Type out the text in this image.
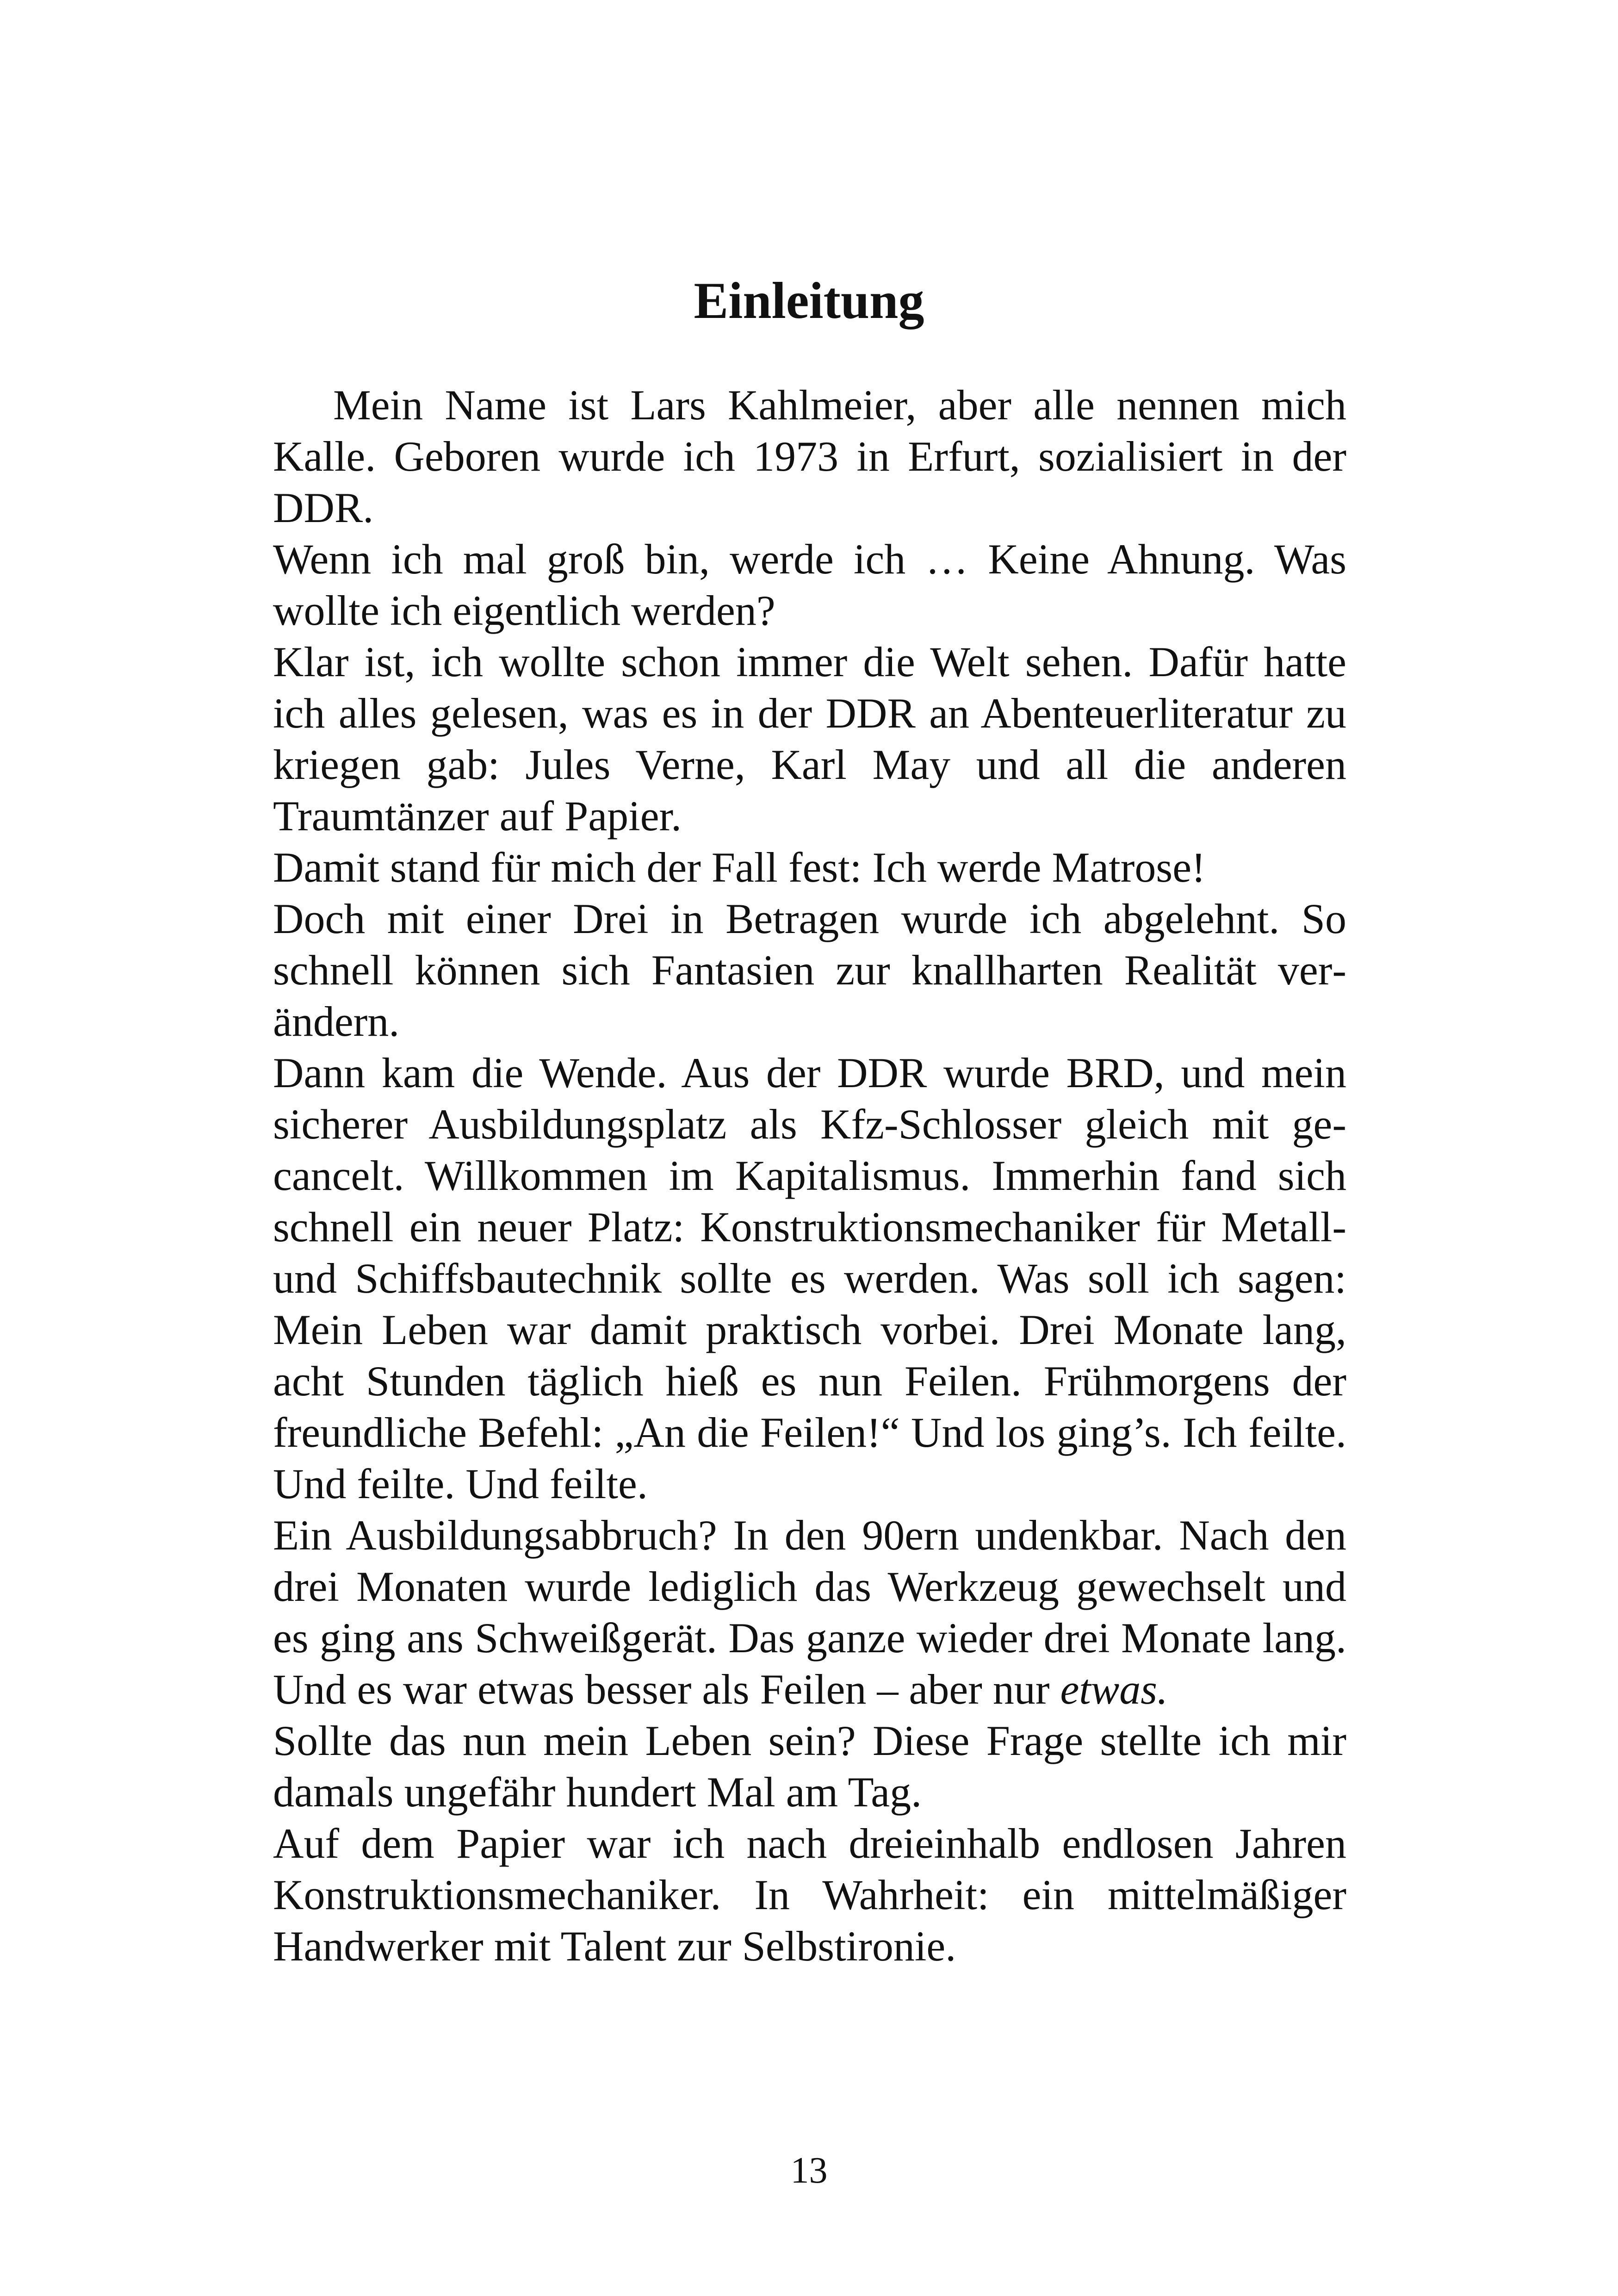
Einleitung

Mein Name ist Lars Kahlmeier, aber alle nennen mich Kalle. Geboren wurde ich 1973 in Erfurt, sozialisiert in der DDR.

Wenn ich mal groß bin, werde ich … Keine Ahnung. Was wollte ich eigentlich werden?

Klar ist, ich wollte schon immer die Welt sehen. Dafür hatte ich alles gelesen, was es in der DDR an Abenteuerliteratur zu kriegen gab: Jules Verne, Karl May und all die anderen Traumtänzer auf Papier.

Damit stand für mich der Fall fest: Ich werde Matrose!

Doch mit einer Drei in Betragen wurde ich abgelehnt. So schnell können sich Fantasien zur knallharten Realität verändern.

Dann kam die Wende. Aus der DDR wurde BRD, und mein sicherer Ausbildungsplatz als Kfz-Schlosser gleich mit gecancelt. Willkommen im Kapitalismus. Immerhin fand sich schnell ein neuer Platz: Konstruktionsmechaniker für Metall- und Schiffsbautechnik sollte es werden. Was soll ich sagen: Mein Leben war damit praktisch vorbei. Drei Monate lang, acht Stunden täglich hieß es nun Feilen. Frühmorgens der freundliche Befehl: „An die Feilen!“ Und los ging’s. Ich feilte. Und feilte. Und feilte.

Ein Ausbildungsabbruch? In den 90ern undenkbar. Nach den drei Monaten wurde lediglich das Werkzeug gewechselt und es ging ans Schweißgerät. Das ganze wieder drei Monate lang. Und es war etwas besser als Feilen – aber nur etwas.

Sollte das nun mein Leben sein? Diese Frage stellte ich mir damals ungefähr hundert Mal am Tag.

Auf dem Papier war ich nach dreieinhalb endlosen Jahren Konstruktionsmechaniker. In Wahrheit: ein mittelmäßiger Handwerker mit Talent zur Selbstironie.

13
